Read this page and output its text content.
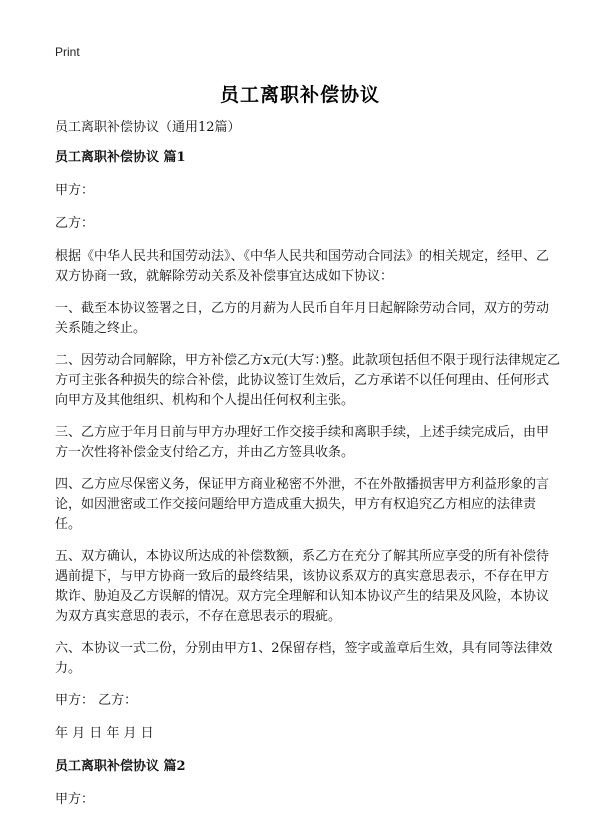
Print
员工离职补偿协议

员工离职补偿协议（通用12篇）

员工离职补偿协议 篇1

甲方：

乙方：

根据《中华人民共和国劳动法》、《中华人民共和国劳动合同法》的相关规定，经甲、乙双方协商一致，就解除劳动关系及补偿事宜达成如下协议：

一、截至本协议签署之日，乙方的月薪为人民币自年月日起解除劳动合同，双方的劳动关系随之终止。

二、因劳动合同解除，甲方补偿乙方x元(大写：)整。此款项包括但不限于现行法律规定乙方可主张各种损失的综合补偿，此协议签订生效后，乙方承诺不以任何理由、任何形式向甲方及其他组织、机构和个人提出任何权利主张。

三、乙方应于年月日前与甲方办理好工作交接手续和离职手续，上述手续完成后，由甲方一次性将补偿金支付给乙方，并由乙方签具收条。

四、乙方应尽保密义务，保证甲方商业秘密不外泄，不在外散播损害甲方利益形象的言论，如因泄密或工作交接问题给甲方造成重大损失，甲方有权追究乙方相应的法律责任。

五、双方确认，本协议所达成的补偿数额，系乙方在充分了解其所应享受的所有补偿待遇前提下，与甲方协商一致后的最终结果，该协议系双方的真实意思表示，不存在甲方欺诈、胁迫及乙方误解的情况。双方完全理解和认知本协议产生的结果及风险，本协议为双方真实意思的表示，不存在意思表示的瑕疵。

六、本协议一式二份，分别由甲方1、2保留存档，签字或盖章后生效，具有同等法律效力。

甲方： 乙方：

年 月 日 年 月 日

员工离职补偿协议 篇2

甲方：
